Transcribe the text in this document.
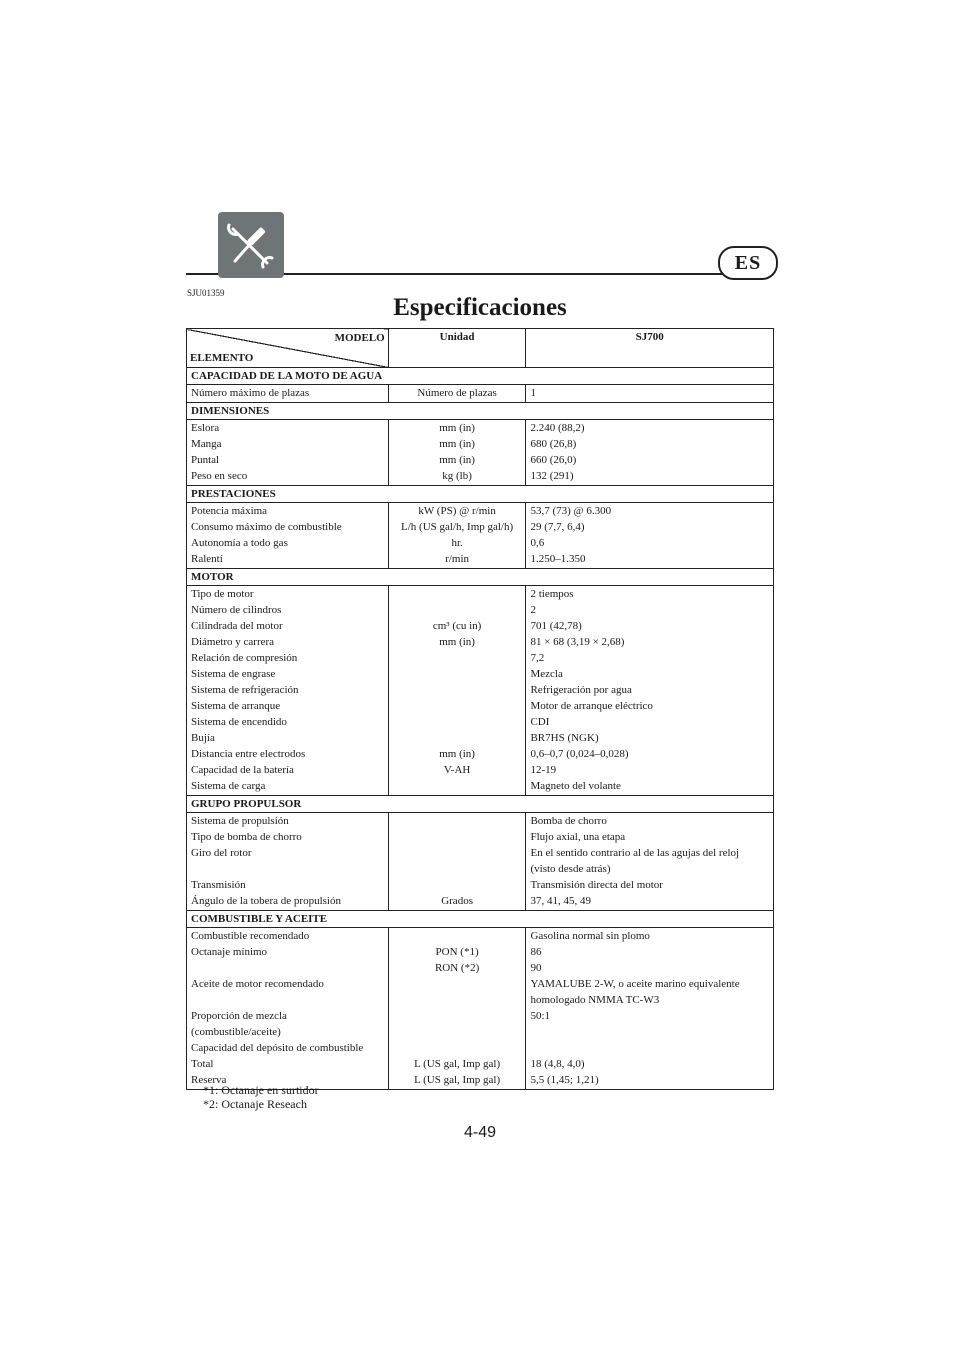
ES
SJU01359
Especificaciones
MODELO
ELEMENTO	Unidad	SJ700
CAPACIDAD DE LA MOTO DE AGUA		
Número máximo de plazas	Número de plazas	1
DIMENSIONES		
Eslora	mm (in)	2.240 (88,2)
Manga	mm (in)	680 (26,8)
Puntal	mm (in)	660 (26,0)
Peso en seco	kg (lb)	132 (291)
PRESTACIONES		
Potencia máxima	kW (PS) @ r/min	53,7 (73) @ 6.300
Consumo máximo de combustible	L/h (US gal/h, Imp gal/h)	29 (7,7, 6,4)
Autonomía a todo gas	hr.	0,6
Ralentí	r/min	1.250–1.350
MOTOR		
Tipo de motor		2 tiempos
Número de cilindros		2
Cilindrada del motor	cm³ (cu in)	701 (42,78)
Diámetro y carrera	mm (in)	81 × 68 (3,19 × 2,68)
Relación de compresión		7,2
Sistema de engrase		Mezcla
Sistema de refrigeración		Refrigeración por agua
Sistema de arranque		Motor de arranque eléctrico
Sistema de encendido		CDI
Bujía		BR7HS (NGK)
Distancia entre electrodos	mm (in)	0,6–0,7 (0,024–0,028)
Capacidad de la batería	V-AH	12-19
Sistema de carga		Magneto del volante
GRUPO PROPULSOR		
Sistema de propulsión		Bomba de chorro
Tipo de bomba de chorro		Flujo axial, una etapa
Giro del rotor		En el sentido contrario al de las agujas del reloj
		(visto desde atrás)
Transmisión		Transmisión directa del motor
Ángulo de la tobera de propulsión	Grados	37, 41, 45, 49
COMBUSTIBLE Y ACEITE		
Combustible recomendado		Gasolina normal sin plomo
Octanaje mínimo	PON (*1)	86
	RON (*2)	90
Aceite de motor recomendado		YAMALUBE 2-W, o aceite marino equivalente
		homologado NMMA TC-W3
Proporción de mezcla		50:1
(combustible/aceite)		
Capacidad del depósito de combustible		
Total	L (US gal, Imp gal)	18 (4,8, 4,0)
Reserva	L (US gal, Imp gal)	5,5 (1,45; 1,21)
*1: Octanaje en surtidor
*2: Octanaje Reseach
4-49
